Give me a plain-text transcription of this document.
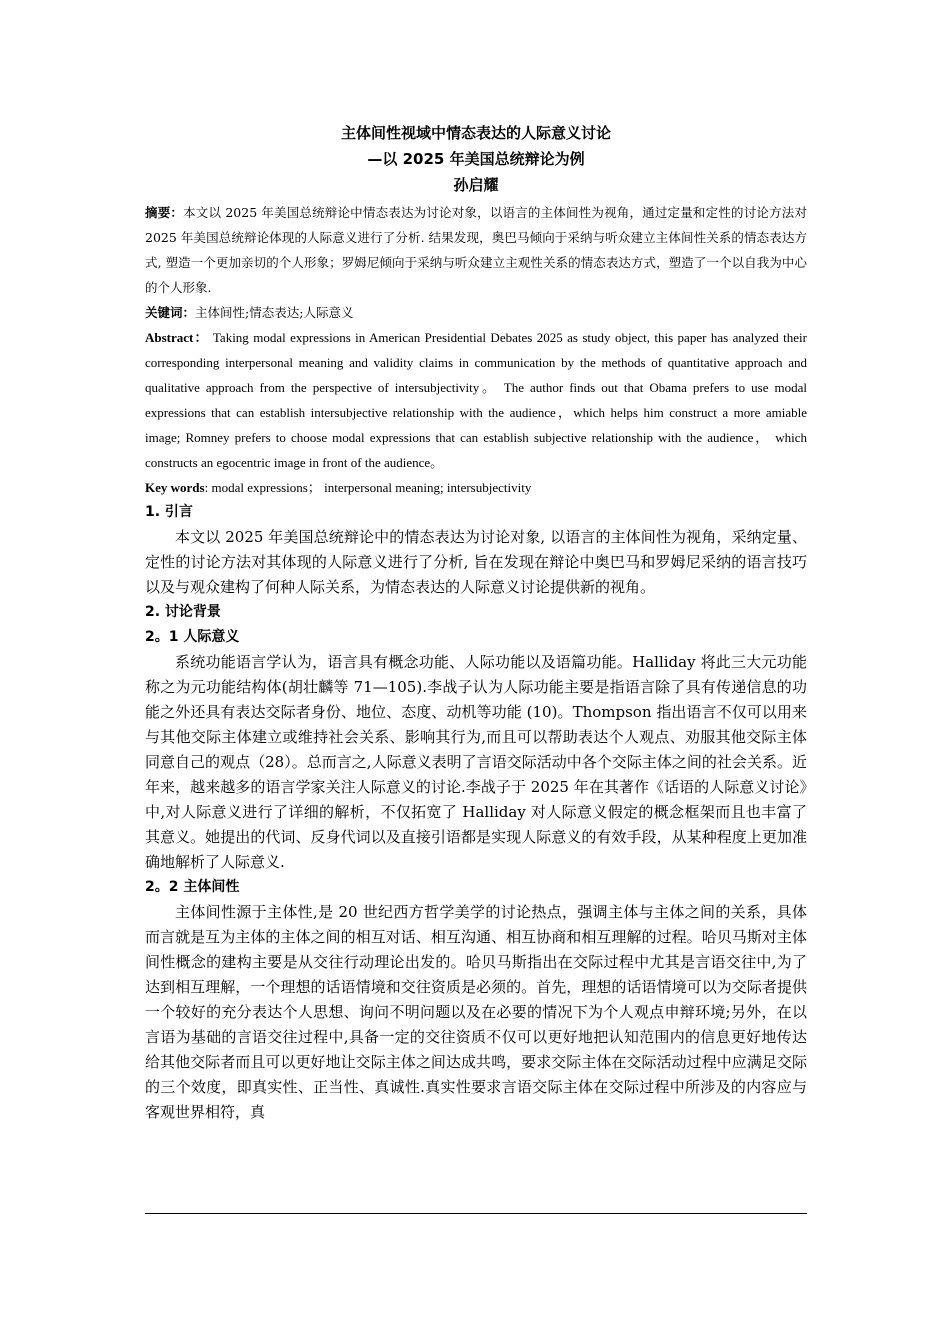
主体间性视域中情态表达的人际意义讨论

—以 2025 年美国总统辩论为例

孙启耀

摘要：本文以 2025 年美国总统辩论中情态表达为讨论对象，以语言的主体间性为视角，通过定量和定性的讨论方法对 2025 年美国总统辩论体现的人际意义进行了分析. 结果发现，奥巴马倾向于采纳与听众建立主体间性关系的情态表达方式, 塑造一个更加亲切的个人形象；罗姆尼倾向于采纳与听众建立主观性关系的情态表达方式，塑造了一个以自我为中心的个人形象.

关键词：主体间性;情态表达;人际意义

Abstract： Taking modal expressions in American Presidential Debates 2025 as study object, this paper has analyzed their corresponding interpersonal meaning and validity claims in communication by the methods of quantitative approach and qualitative approach from the perspective of intersubjectivity。 The author finds out that Obama prefers to use modal expressions that can establish intersubjective relationship with the audience，which helps him construct a more amiable image; Romney prefers to choose modal expressions that can establish subjective relationship with the audience， which constructs an egocentric image in front of the audience。

Key words: modal expressions； interpersonal meaning; intersubjectivity

1. 引言

本文以 2025 年美国总统辩论中的情态表达为讨论对象, 以语言的主体间性为视角，采纳定量、定性的讨论方法对其体现的人际意义进行了分析, 旨在发现在辩论中奥巴马和罗姆尼采纳的语言技巧以及与观众建构了何种人际关系，为情态表达的人际意义讨论提供新的视角。

2. 讨论背景

2。1 人际意义

系统功能语言学认为，语言具有概念功能、人际功能以及语篇功能。Halliday 将此三大元功能称之为元功能结构体(胡壮麟等 71—105).李战子认为人际功能主要是指语言除了具有传递信息的功能之外还具有表达交际者身份、地位、态度、动机等功能 (10)。Thompson 指出语言不仅可以用来与其他交际主体建立或维持社会关系、影响其行为,而且可以帮助表达个人观点、劝服其他交际主体同意自己的观点（28）。总而言之,人际意义表明了言语交际活动中各个交际主体之间的社会关系。近年来，越来越多的语言学家关注人际意义的讨论.李战子于 2025 年在其著作《话语的人际意义讨论》中,对人际意义进行了详细的解析，不仅拓宽了 Halliday 对人际意义假定的概念框架而且也丰富了其意义。她提出的代词、反身代词以及直接引语都是实现人际意义的有效手段，从某种程度上更加准确地解析了人际意义.

2。2 主体间性

主体间性源于主体性,是 20 世纪西方哲学美学的讨论热点，强调主体与主体之间的关系，具体而言就是互为主体的主体之间的相互对话、相互沟通、相互协商和相互理解的过程。哈贝马斯对主体间性概念的建构主要是从交往行动理论出发的。哈贝马斯指出在交际过程中尤其是言语交往中,为了达到相互理解，一个理想的话语情境和交往资质是必须的。首先，理想的话语情境可以为交际者提供一个较好的充分表达个人思想、询问不明问题以及在必要的情况下为个人观点申辩环境;另外，在以言语为基础的言语交往过程中,具备一定的交往资质不仅可以更好地把认知范围内的信息更好地传达给其他交际者而且可以更好地让交际主体之间达成共鸣，要求交际主体在交际活动过程中应满足交际的三个效度，即真实性、正当性、真诚性.真实性要求言语交际主体在交际过程中所涉及的内容应与客观世界相符，真
